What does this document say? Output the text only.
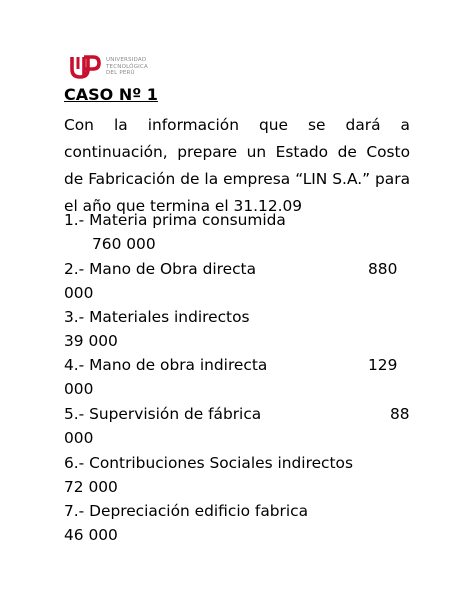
UNIVERSIDAD
TECNOLÓGICA
DEL PERÚ
CASO Nº 1
Con la información que se dará a continuación, prepare un Estado de Costo de Fabricación de la empresa “LIN S.A.” para el año que termina el 31.12.09
1.- Materia prima consumida
760 000
2.- Mano de Obra directa	880
000
3.- Materiales indirectos
39 000
4.- Mano de obra indirecta	129
000
5.- Supervisión de fábrica	88
000
6.- Contribuciones Sociales indirectos
72 000
7.- Depreciación edificio fabrica
46 000
